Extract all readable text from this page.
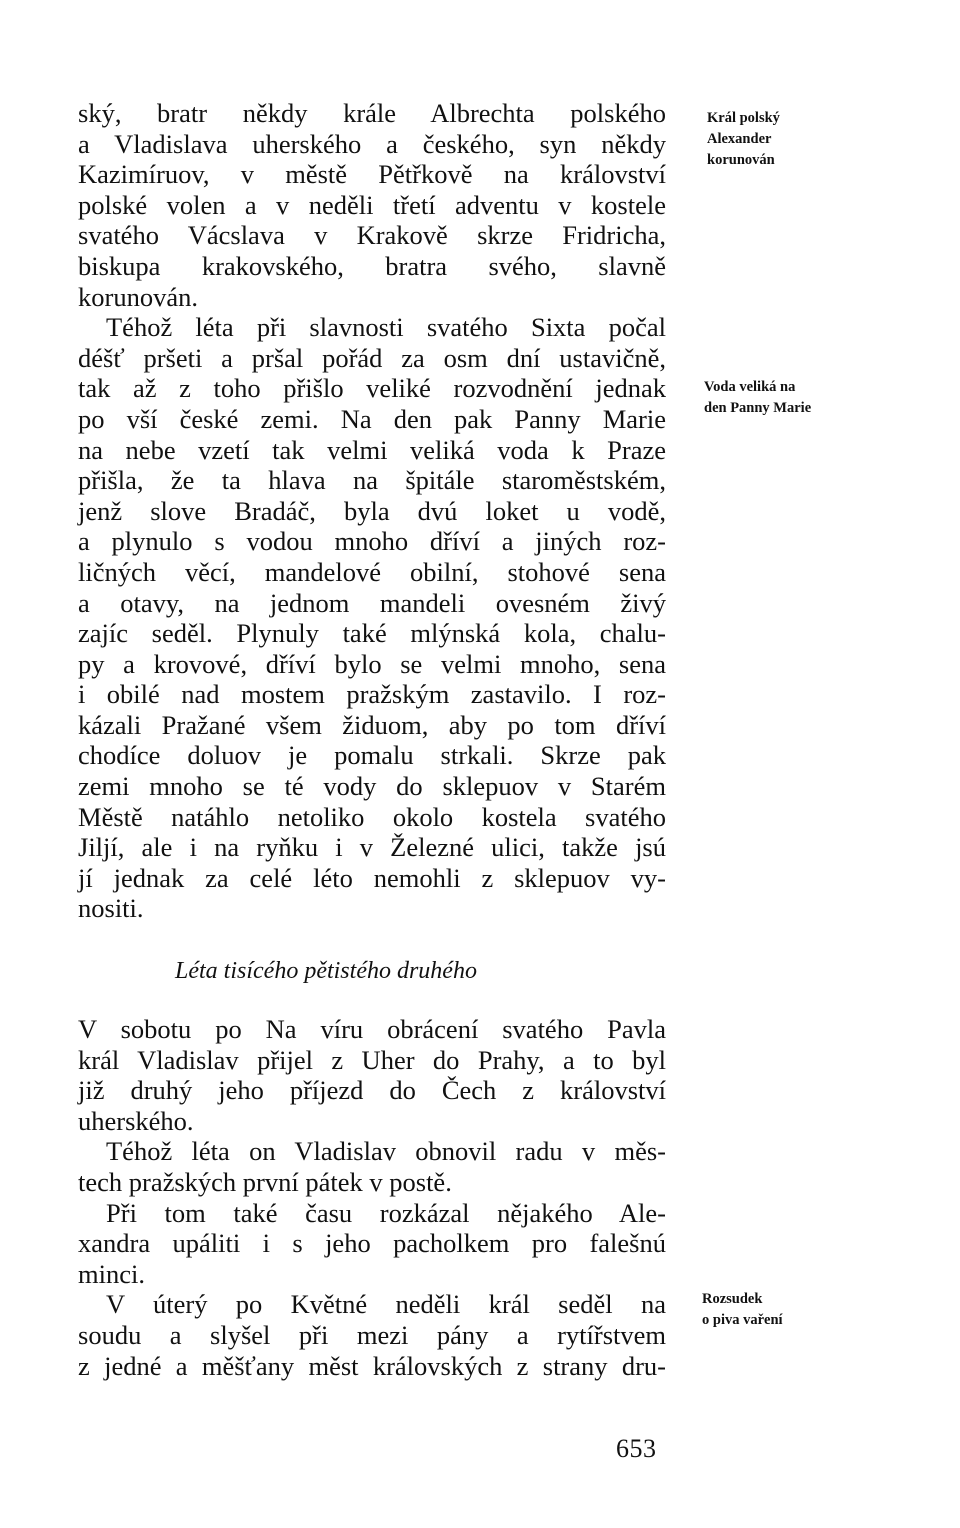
ský, bratr někdy krále Albrechta polského
a Vladislava uherského a českého, syn někdy
Kazimíruov, v městě Pětřkově na království
polské volen a v neděli třetí adventu v kostele
svatého Vácslava v Krakově skrze Fridricha,
biskupa krakovského, bratra svého, slavně
korunován.
Téhož léta při slavnosti svatého Sixta počal
déšť pršeti a pršal pořád za osm dní ustavičně,
tak až z toho přišlo veliké rozvodnění jednak
po vší české zemi. Na den pak Panny Marie
na nebe vzetí tak velmi veliká voda k Praze
přišla, že ta hlava na špitále staroměstském,
jenž slove Bradáč, byla dvú loket u vodě,
a plynulo s vodou mnoho dříví a jiných roz-
ličných věcí, mandelové obilní, stohové sena
a otavy, na jednom mandeli ovesném živý
zajíc seděl. Plynuly také mlýnská kola, chalu-
py a krovové, dříví bylo se velmi mnoho, sena
i obilé nad mostem pražským zastavilo. I roz-
kázali Pražané všem židuom, aby po tom dříví
chodíce doluov je pomalu strkali. Skrze pak
zemi mnoho se té vody do sklepuov v Starém
Městě natáhlo netoliko okolo kostela svatého
Jiljí, ale i na ryňku i v Železné ulici, takže jsú
jí jednak za celé léto nemohli z sklepuov vy-
nositi.
Léta tisícého pětistého druhého
V sobotu po Na víru obrácení svatého Pavla
král Vladislav přijel z Uher do Prahy, a to byl
již druhý jeho příjezd do Čech z království
uherského.
Téhož léta on Vladislav obnovil radu v měs-
tech pražských první pátek v postě.
Při tom také času rozkázal nějakého Ale-
xandra upáliti i s jeho pacholkem pro falešnú
minci.
V úterý po Květné neděli král seděl na
soudu a slyšel při mezi pány a rytířstvem
z jedné a měšťany měst královských z strany dru-
Král polský
Alexander
korunován
Voda veliká na
den Panny Marie
Rozsudek
o piva vaření
653
